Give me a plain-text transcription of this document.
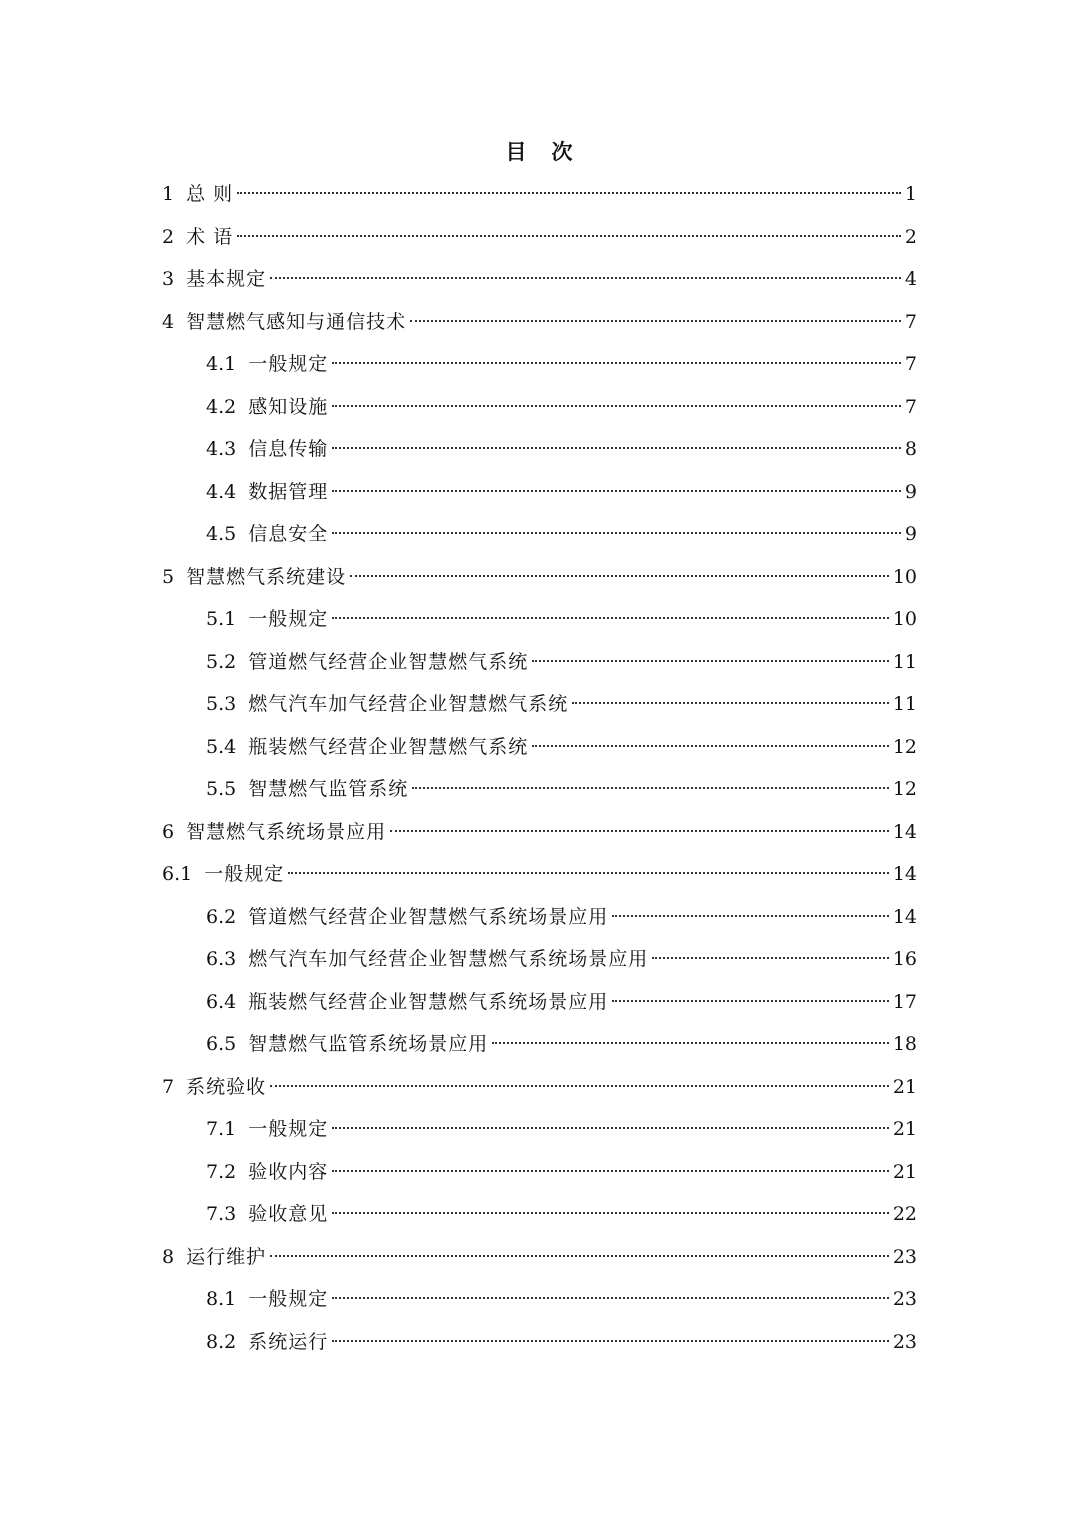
目　次
1 总 则	1
2 术 语	2
3 基本规定	4
4 智慧燃气感知与通信技术	7
4.1 一般规定	7
4.2 感知设施	7
4.3 信息传输	8
4.4 数据管理	9
4.5 信息安全	9
5 智慧燃气系统建设	10
5.1 一般规定	10
5.2 管道燃气经营企业智慧燃气系统	11
5.3 燃气汽车加气经营企业智慧燃气系统	11
5.4 瓶装燃气经营企业智慧燃气系统	12
5.5 智慧燃气监管系统	12
6 智慧燃气系统场景应用	14
6.1 一般规定	14
6.2 管道燃气经营企业智慧燃气系统场景应用	14
6.3 燃气汽车加气经营企业智慧燃气系统场景应用	16
6.4 瓶装燃气经营企业智慧燃气系统场景应用	17
6.5 智慧燃气监管系统场景应用	18
7 系统验收	21
7.1 一般规定	21
7.2 验收内容	21
7.3 验收意见	22
8 运行维护	23
8.1 一般规定	23
8.2 系统运行	23
